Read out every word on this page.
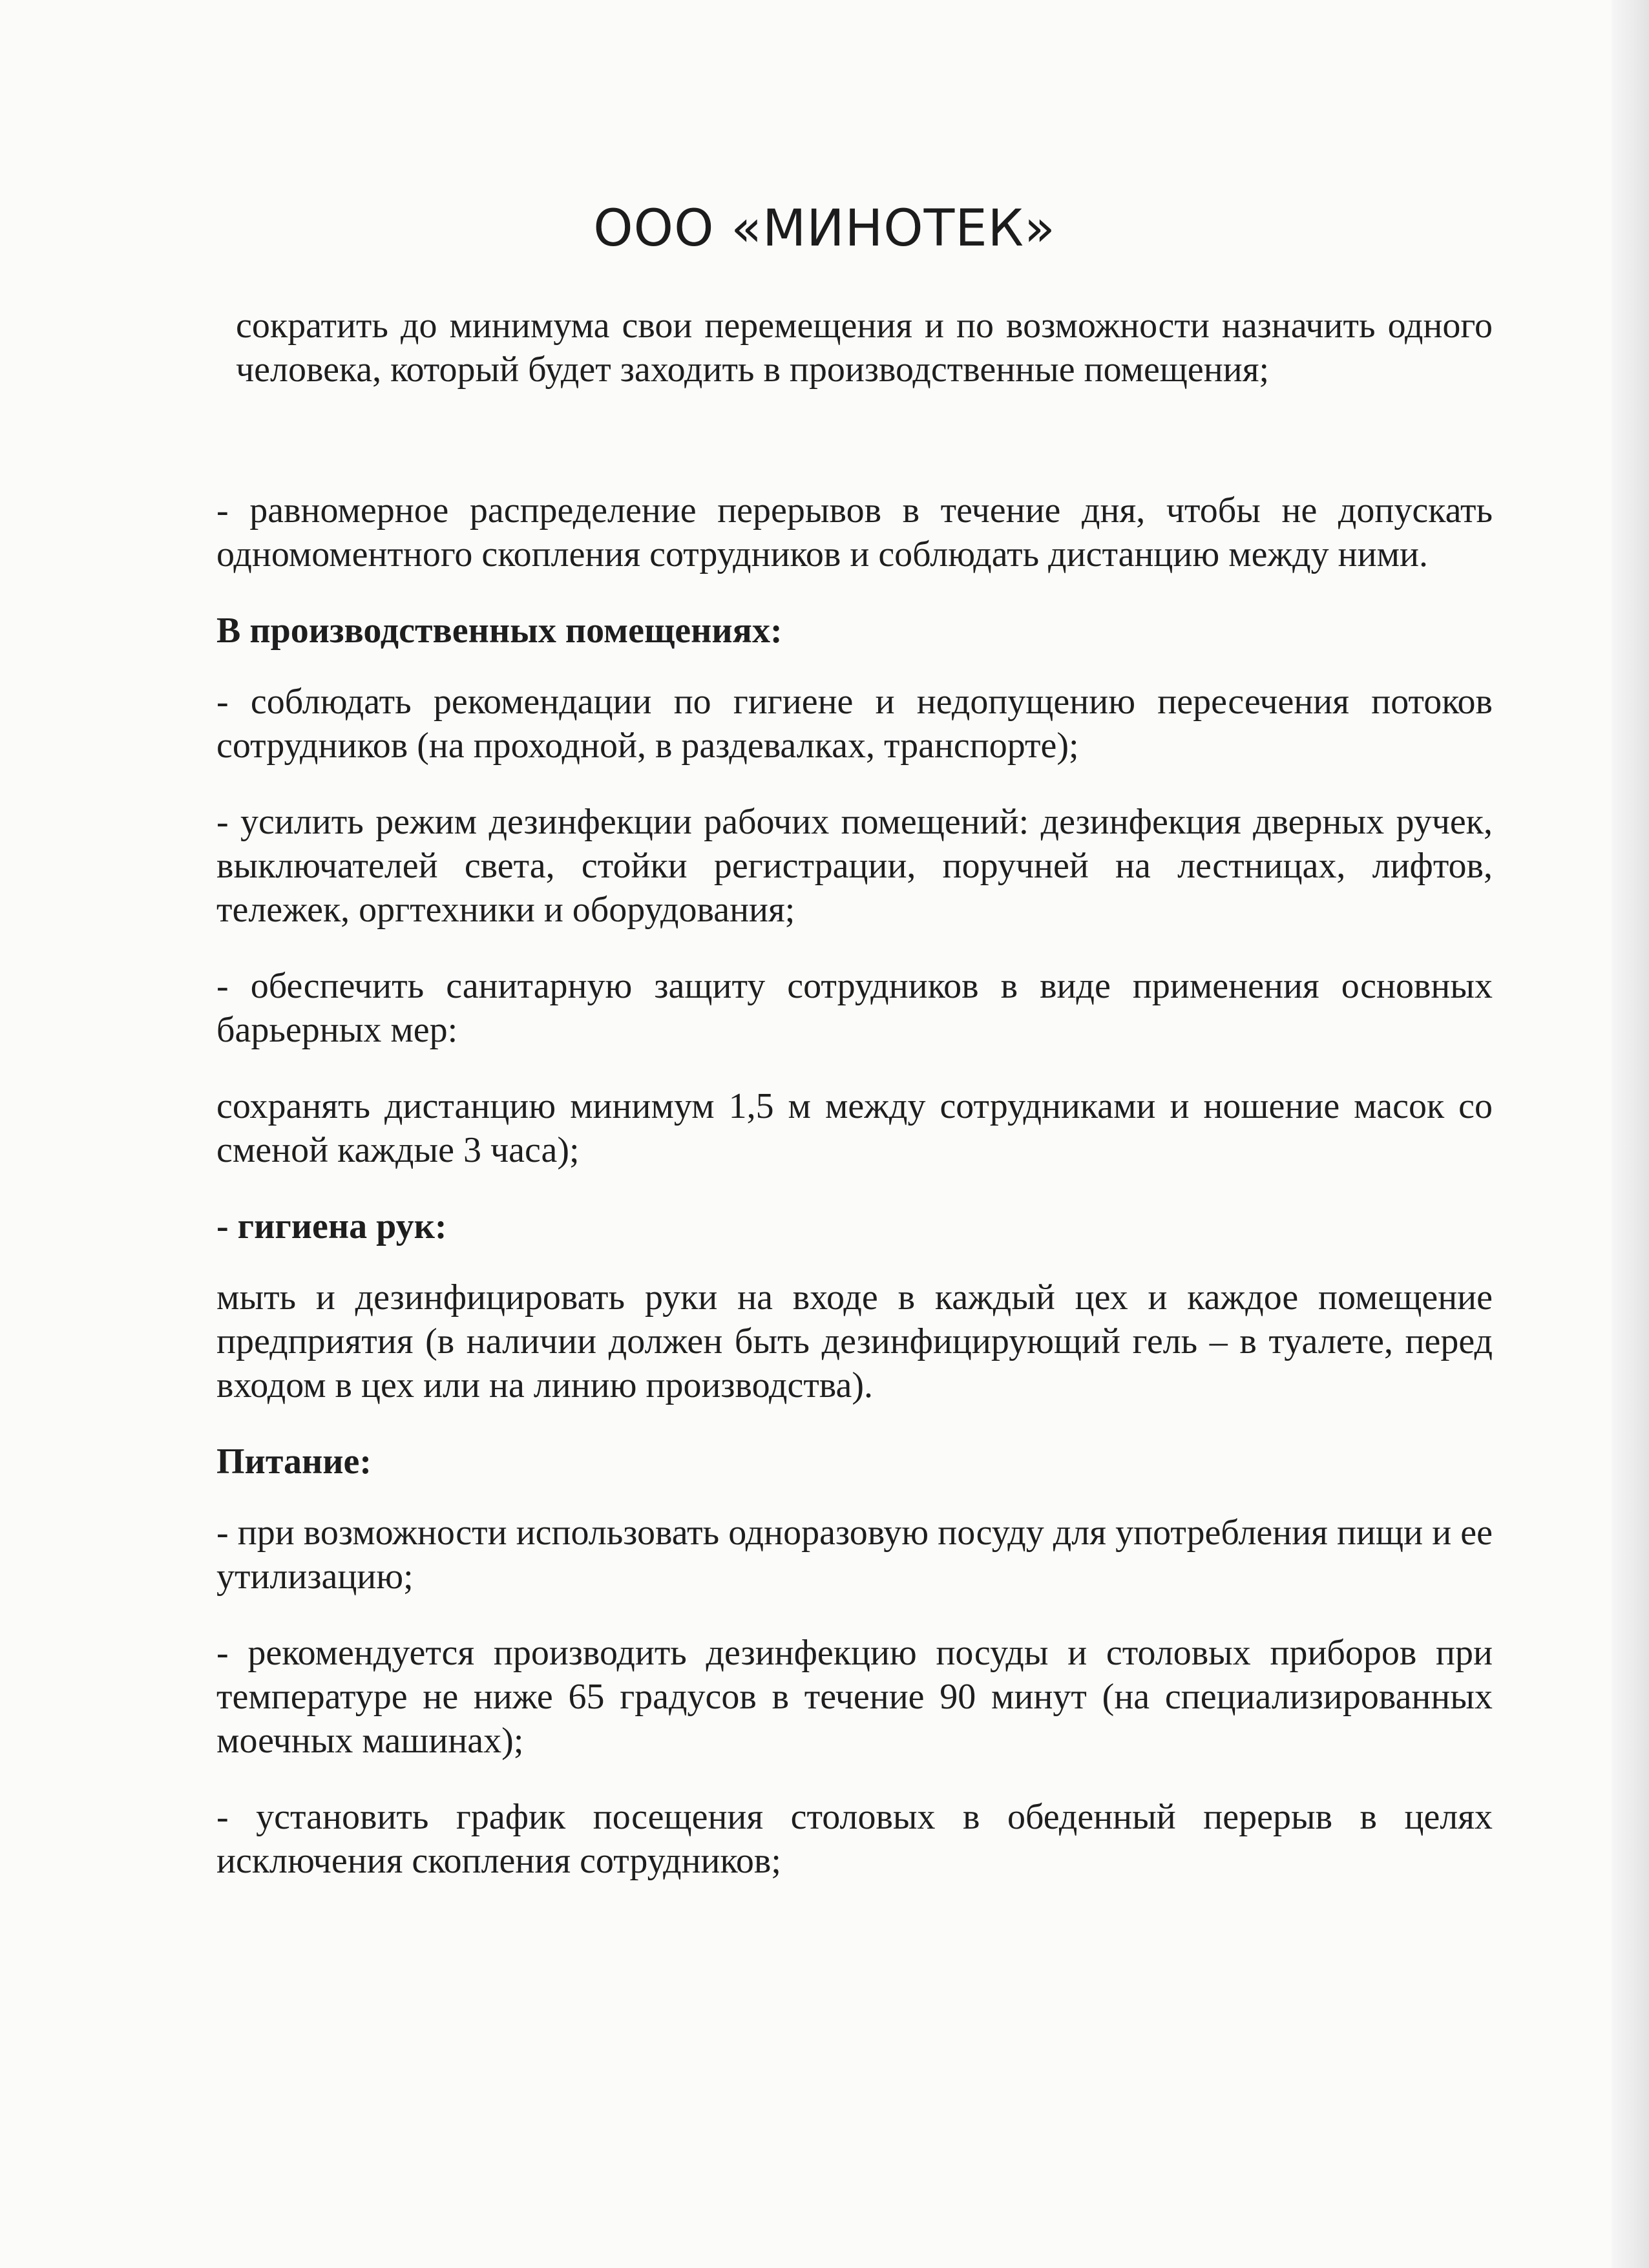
ООО «МИНОТЕК»

сократить до минимума свои перемещения и по возможности назначить одного человека, который будет заходить в производственные помещения;

- равномерное распределение перерывов в течение дня, чтобы не допускать одномоментного скопления сотрудников и соблюдать дистанцию между ними.

В производственных помещениях:

- соблюдать рекомендации по гигиене и недопущению пересечения потоков сотрудников (на проходной, в раздевалках, транспорте);

- усилить режим дезинфекции рабочих помещений: дезинфекция дверных ручек, выключателей света, стойки регистрации, поручней на лестницах, лифтов, тележек, оргтехники и оборудования;

- обеспечить санитарную защиту сотрудников в виде применения основных барьерных мер:

сохранять дистанцию минимум 1,5 м между сотрудниками и ношение масок со сменой каждые 3 часа);

- гигиена рук:

мыть и дезинфицировать руки на входе в каждый цех и каждое помещение предприятия (в наличии должен быть дезинфицирующий гель – в туалете, перед входом в цех или на линию производства).

Питание:

- при возможности использовать одноразовую посуду для употребления пищи и ее утилизацию;

- рекомендуется производить дезинфекцию посуды и столовых приборов при температуре не ниже 65 градусов в течение 90 минут (на специализированных моечных машинах);

- установить график посещения столовых в обеденный перерыв в целях исключения скопления сотрудников;
